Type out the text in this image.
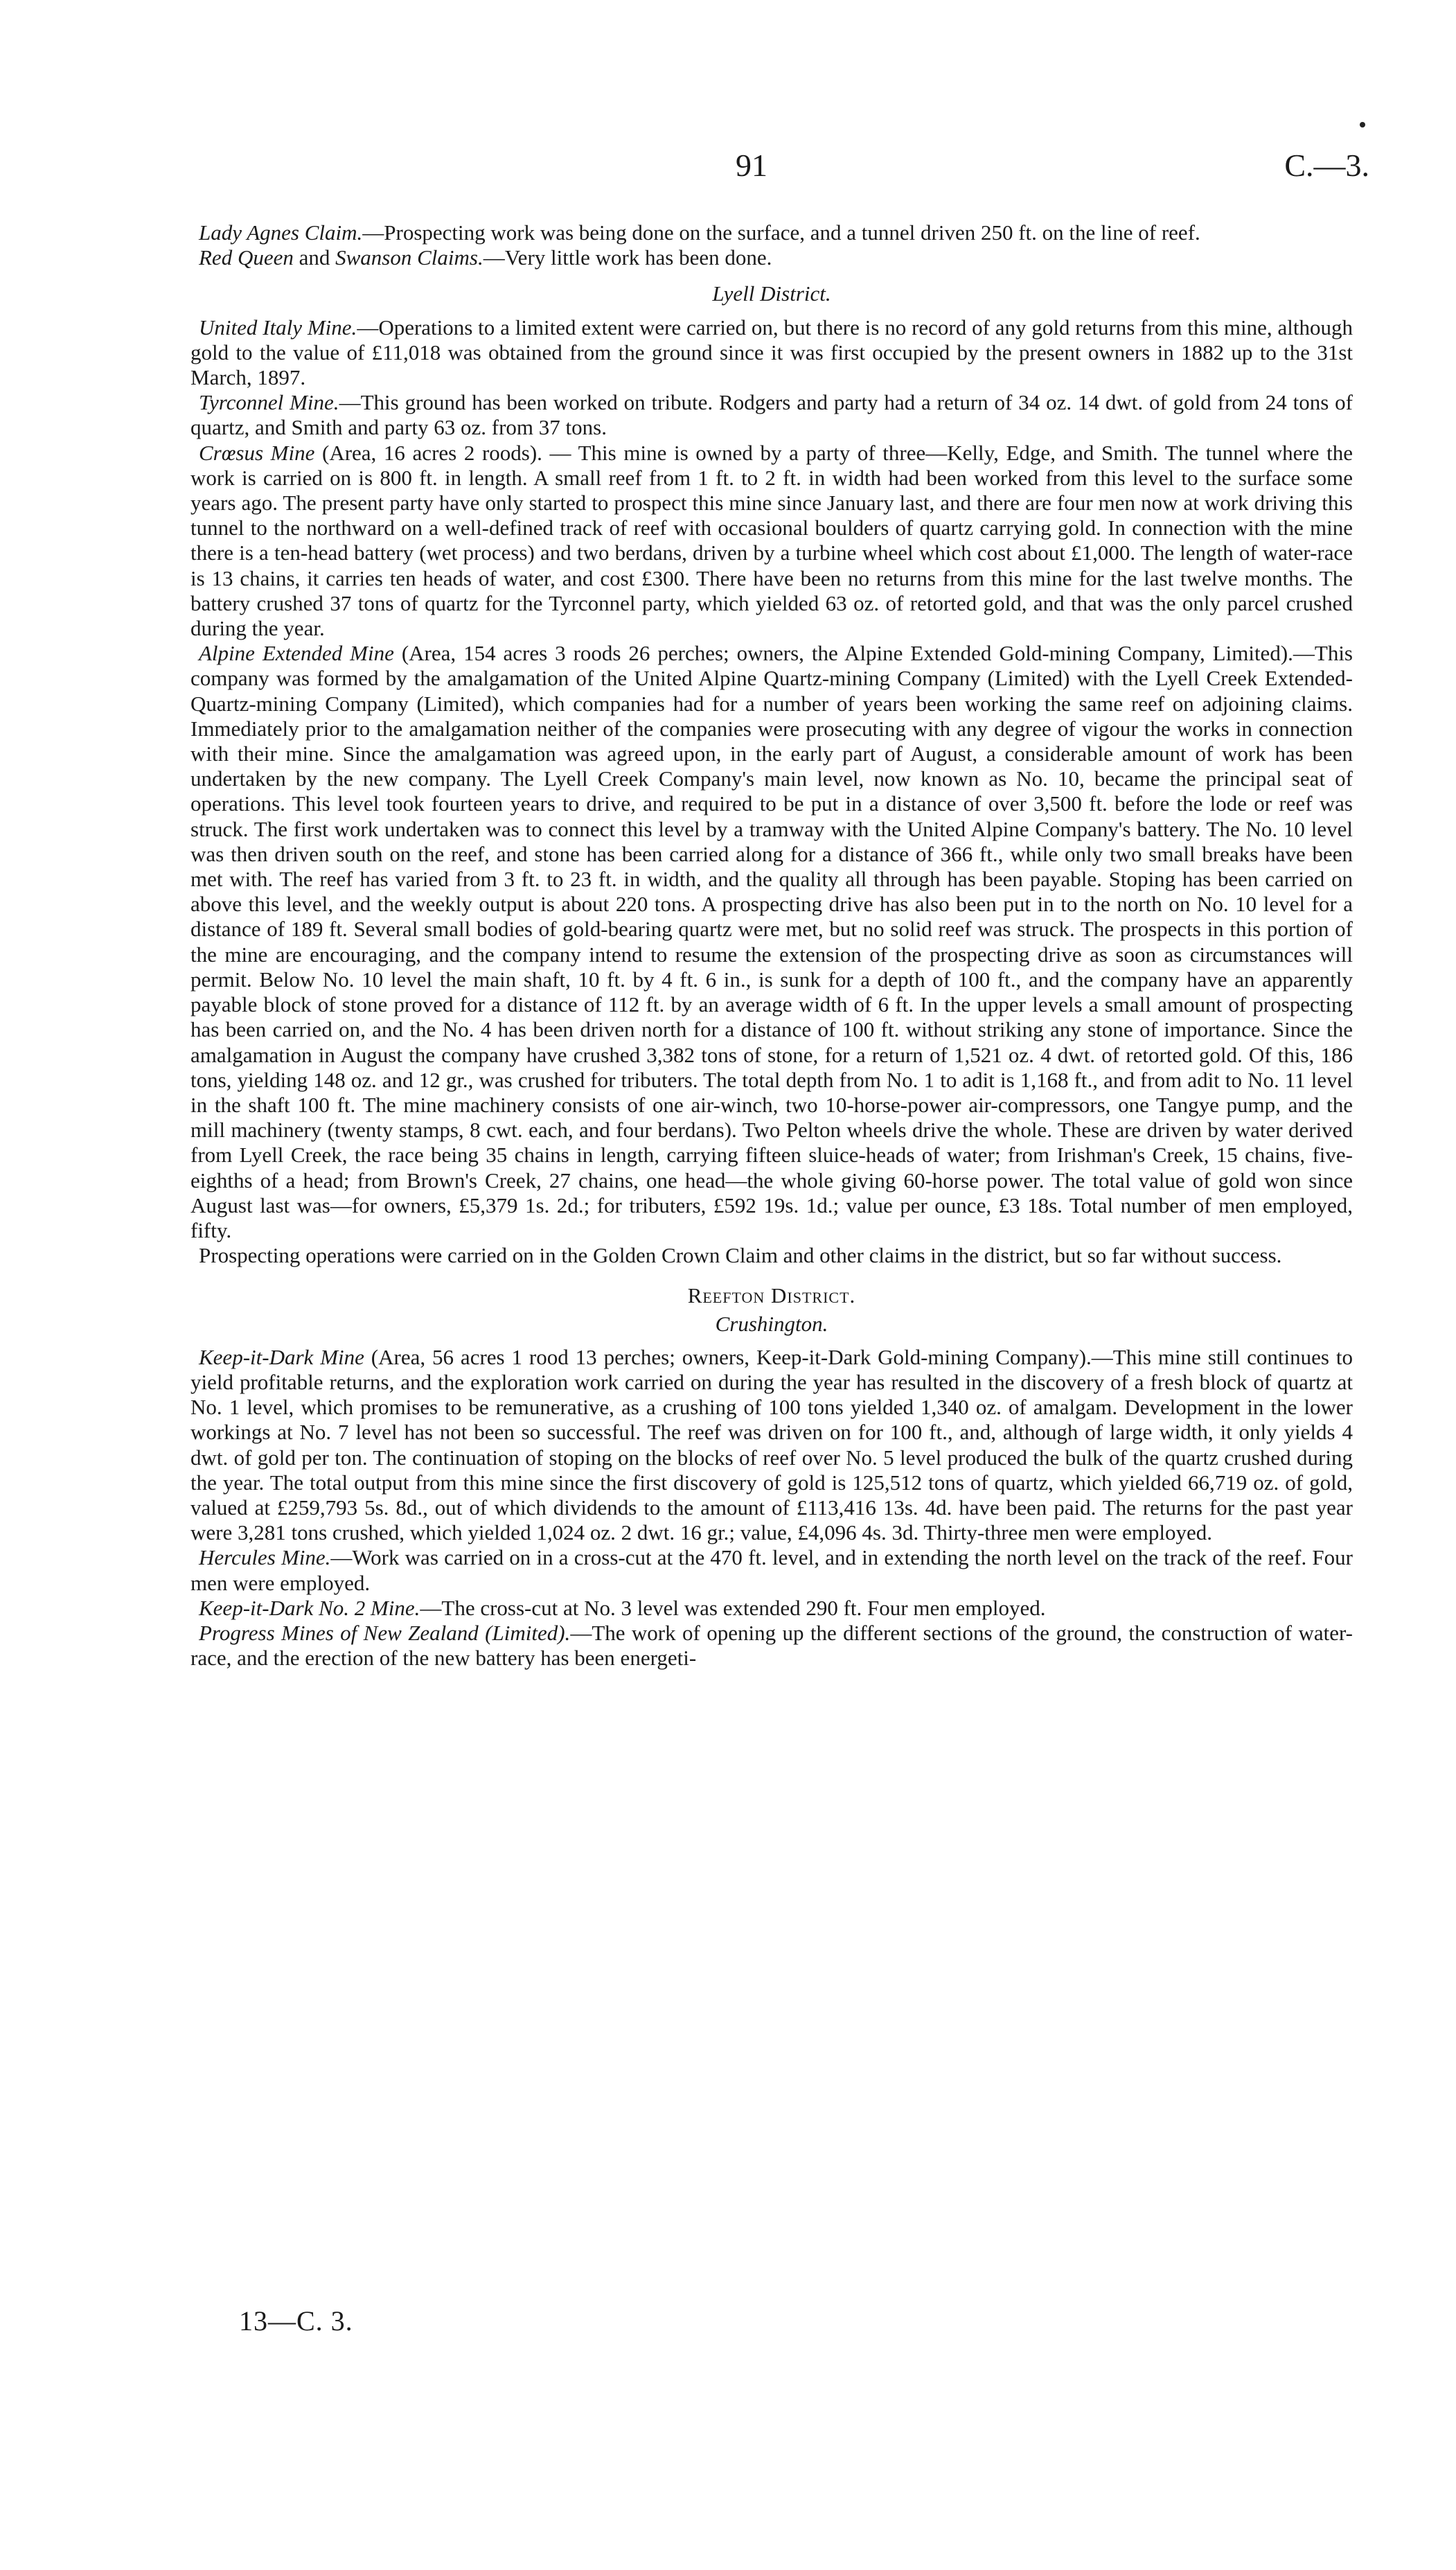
91	C.—3.

Lady Agnes Claim.—Prospecting work was being done on the surface, and a tunnel driven 250 ft. on the line of reef.

Red Queen and Swanson Claims.—Very little work has been done.

Lyell District.

United Italy Mine.—Operations to a limited extent were carried on, but there is no record of any gold returns from this mine, although gold to the value of £11,018 was obtained from the ground since it was first occupied by the present owners in 1882 up to the 31st March, 1897.

Tyrconnel Mine.—This ground has been worked on tribute. Rodgers and party had a return of 34 oz. 14 dwt. of gold from 24 tons of quartz, and Smith and party 63 oz. from 37 tons.

Crœsus Mine (Area, 16 acres 2 roods). — This mine is owned by a party of three—Kelly, Edge, and Smith. The tunnel where the work is carried on is 800 ft. in length. A small reef from 1 ft. to 2 ft. in width had been worked from this level to the surface some years ago. The present party have only started to prospect this mine since January last, and there are four men now at work driving this tunnel to the northward on a well-defined track of reef with occasional boulders of quartz carrying gold. In connection with the mine there is a ten-head battery (wet process) and two berdans, driven by a turbine wheel which cost about £1,000. The length of water-race is 13 chains, it carries ten heads of water, and cost £300. There have been no returns from this mine for the last twelve months. The battery crushed 37 tons of quartz for the Tyrconnel party, which yielded 63 oz. of retorted gold, and that was the only parcel crushed during the year.

Alpine Extended Mine (Area, 154 acres 3 roods 26 perches; owners, the Alpine Extended Gold-mining Company, Limited).—This company was formed by the amalgamation of the United Alpine Quartz-mining Company (Limited) with the Lyell Creek Extended-Quartz-mining Company (Limited), which companies had for a number of years been working the same reef on adjoining claims. Immediately prior to the amalgamation neither of the companies were prosecuting with any degree of vigour the works in connection with their mine. Since the amalgamation was agreed upon, in the early part of August, a considerable amount of work has been undertaken by the new company. The Lyell Creek Company's main level, now known as No. 10, became the principal seat of operations. This level took fourteen years to drive, and required to be put in a distance of over 3,500 ft. before the lode or reef was struck. The first work undertaken was to connect this level by a tramway with the United Alpine Company's battery. The No. 10 level was then driven south on the reef, and stone has been carried along for a distance of 366 ft., while only two small breaks have been met with. The reef has varied from 3 ft. to 23 ft. in width, and the quality all through has been payable. Stoping has been carried on above this level, and the weekly output is about 220 tons. A prospecting drive has also been put in to the north on No. 10 level for a distance of 189 ft. Several small bodies of gold-bearing quartz were met, but no solid reef was struck. The prospects in this portion of the mine are encouraging, and the company intend to resume the extension of the prospecting drive as soon as circumstances will permit. Below No. 10 level the main shaft, 10 ft. by 4 ft. 6 in., is sunk for a depth of 100 ft., and the company have an apparently payable block of stone proved for a distance of 112 ft. by an average width of 6 ft. In the upper levels a small amount of prospecting has been carried on, and the No. 4 has been driven north for a distance of 100 ft. without striking any stone of importance. Since the amalgamation in August the company have crushed 3,382 tons of stone, for a return of 1,521 oz. 4 dwt. of retorted gold. Of this, 186 tons, yielding 148 oz. and 12 gr., was crushed for tributers. The total depth from No. 1 to adit is 1,168 ft., and from adit to No. 11 level in the shaft 100 ft. The mine machinery consists of one air-winch, two 10-horse-power air-compressors, one Tangye pump, and the mill machinery (twenty stamps, 8 cwt. each, and four berdans). Two Pelton wheels drive the whole. These are driven by water derived from Lyell Creek, the race being 35 chains in length, carrying fifteen sluice-heads of water; from Irishman's Creek, 15 chains, five-eighths of a head; from Brown's Creek, 27 chains, one head—the whole giving 60-horse power. The total value of gold won since August last was—for owners, £5,379 1s. 2d.; for tributers, £592 19s. 1d.; value per ounce, £3 18s. Total number of men employed, fifty.

Prospecting operations were carried on in the Golden Crown Claim and other claims in the district, but so far without success.

Reefton District.
Crushington.

Keep-it-Dark Mine (Area, 56 acres 1 rood 13 perches; owners, Keep-it-Dark Gold-mining Company).—This mine still continues to yield profitable returns, and the exploration work carried on during the year has resulted in the discovery of a fresh block of quartz at No. 1 level, which promises to be remunerative, as a crushing of 100 tons yielded 1,340 oz. of amalgam. Development in the lower workings at No. 7 level has not been so successful. The reef was driven on for 100 ft., and, although of large width, it only yields 4 dwt. of gold per ton. The continuation of stoping on the blocks of reef over No. 5 level produced the bulk of the quartz crushed during the year. The total output from this mine since the first discovery of gold is 125,512 tons of quartz, which yielded 66,719 oz. of gold, valued at £259,793 5s. 8d., out of which dividends to the amount of £113,416 13s. 4d. have been paid. The returns for the past year were 3,281 tons crushed, which yielded 1,024 oz. 2 dwt. 16 gr.; value, £4,096 4s. 3d. Thirty-three men were employed.

Hercules Mine.—Work was carried on in a cross-cut at the 470 ft. level, and in extending the north level on the track of the reef. Four men were employed.

Keep-it-Dark No. 2 Mine.—The cross-cut at No. 3 level was extended 290 ft. Four men employed.

Progress Mines of New Zealand (Limited).—The work of opening up the different sections of the ground, the construction of water-race, and the erection of the new battery has been energeti-

13—C. 3.
